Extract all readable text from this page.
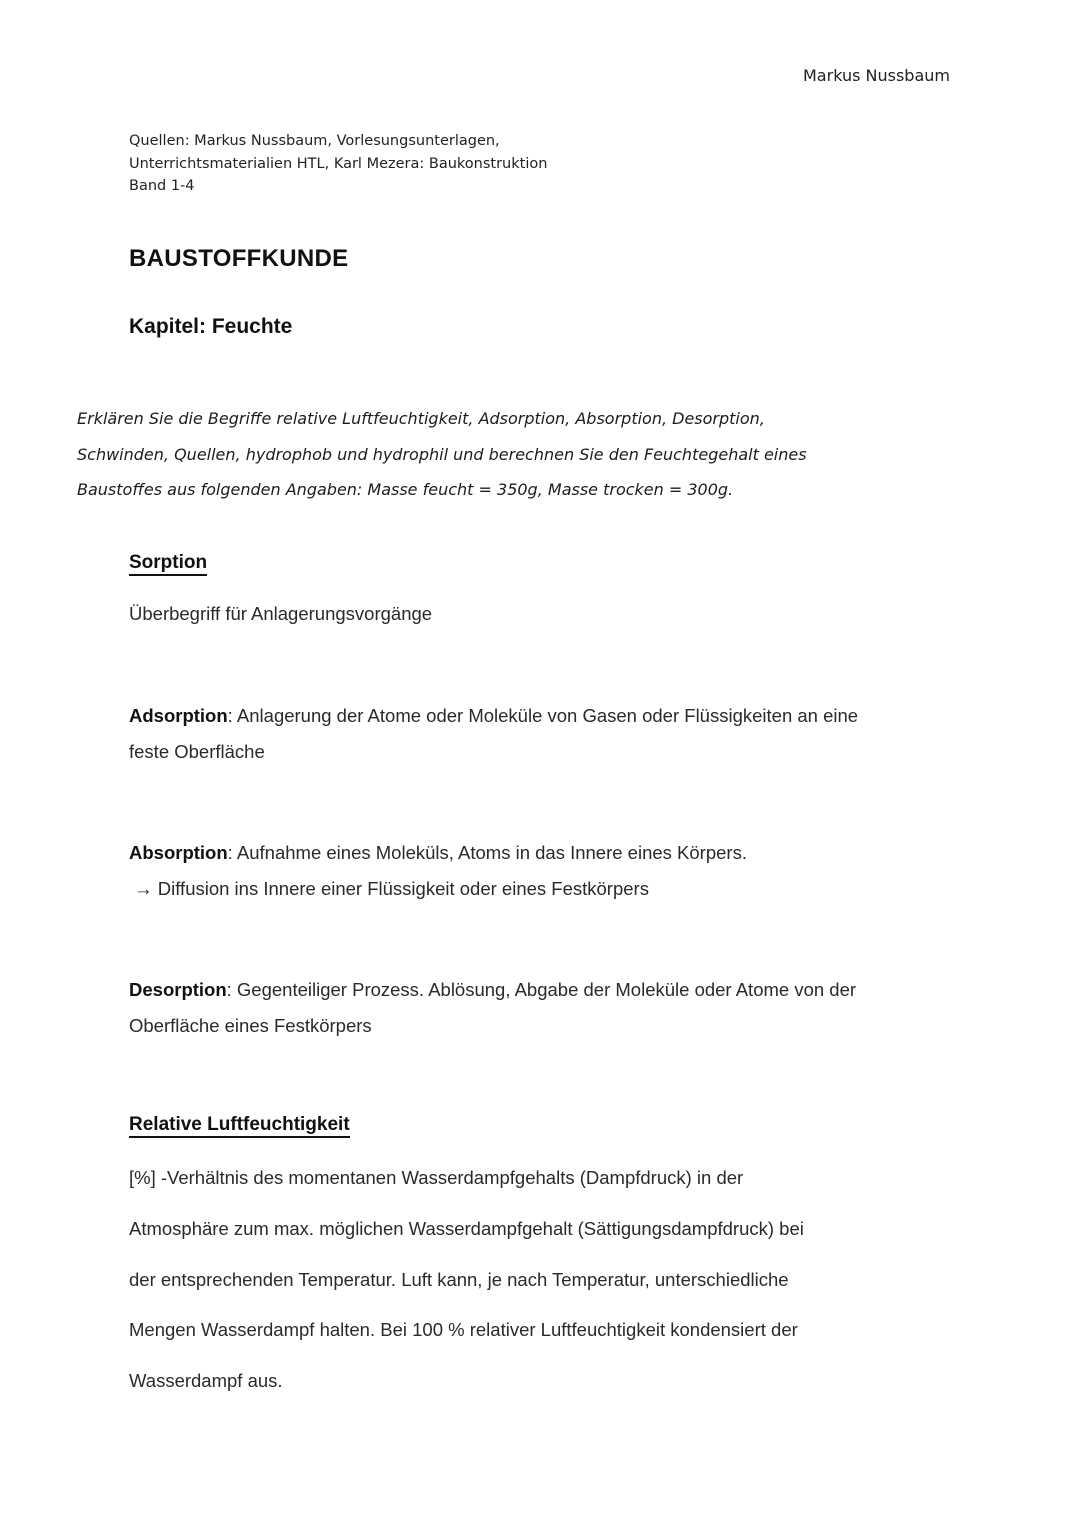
Markus Nussbaum
Quellen: Markus Nussbaum, Vorlesungsunterlagen,
Unterrichtsmaterialien HTL, Karl Mezera: Baukonstruktion
Band 1-4
BAUSTOFFKUNDE
Kapitel: Feuchte
Erklären Sie die Begriffe relative Luftfeuchtigkeit, Adsorption, Absorption, Desorption,
Schwinden, Quellen, hydrophob und hydrophil und berechnen Sie den Feuchtegehalt eines
Baustoffes aus folgenden Angaben: Masse feucht = 350g, Masse trocken = 300g.
Sorption
Überbegriff für Anlagerungsvorgänge
Adsorption: Anlagerung der Atome oder Moleküle von Gasen oder Flüssigkeiten an eine
feste Oberfläche
Absorption: Aufnahme eines Moleküls, Atoms in das Innere eines Körpers.
→ Diffusion ins Innere einer Flüssigkeit oder eines Festkörpers
Desorption: Gegenteiliger Prozess. Ablösung, Abgabe der Moleküle oder Atome von der
Oberfläche eines Festkörpers
Relative Luftfeuchtigkeit
[%] -Verhältnis des momentanen Wasserdampfgehalts (Dampfdruck) in der
Atmosphäre zum max. möglichen Wasserdampfgehalt (Sättigungsdampfdruck) bei
der entsprechenden Temperatur. Luft kann, je nach Temperatur, unterschiedliche
Mengen Wasserdampf halten. Bei 100 % relativer Luftfeuchtigkeit kondensiert der
Wasserdampf aus.
